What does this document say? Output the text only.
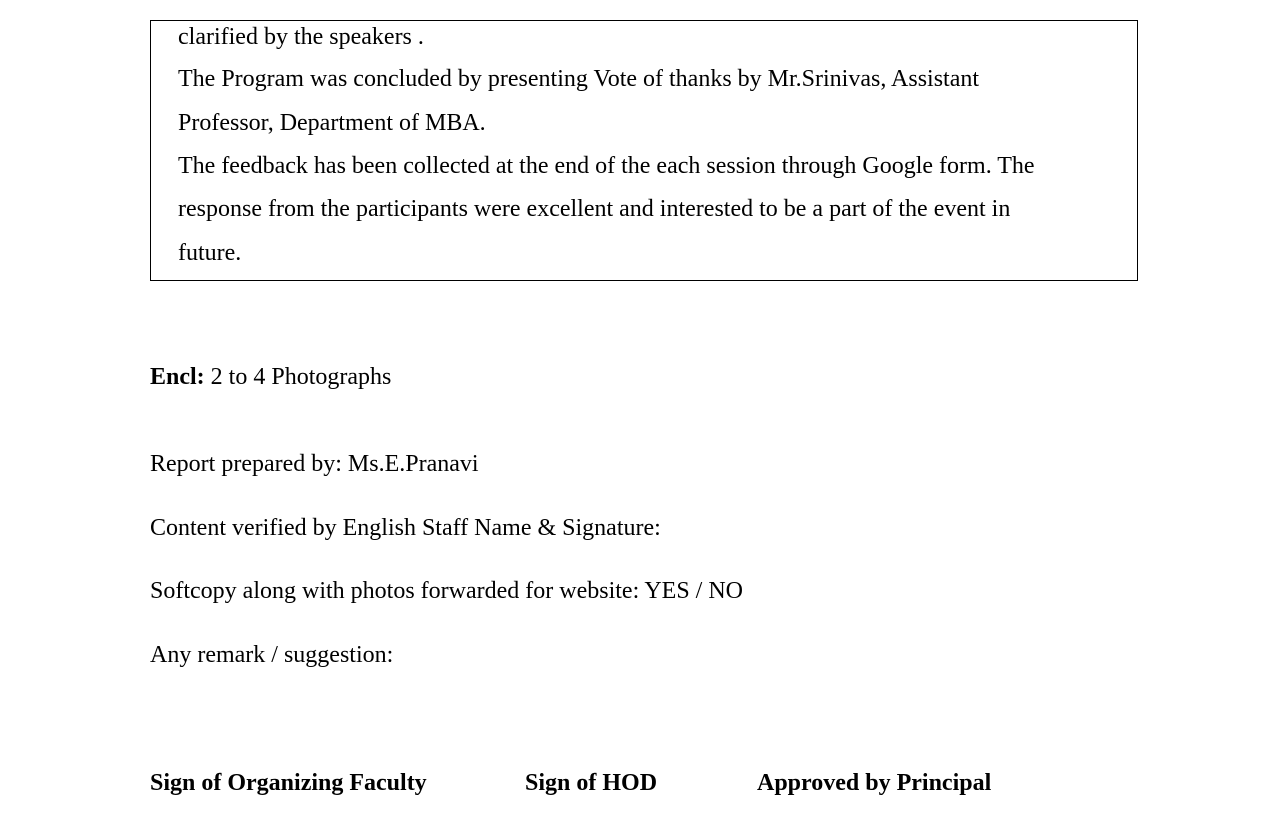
clarified by the speakers .
The Program was concluded by presenting Vote of thanks by Mr.Srinivas, Assistant
Professor, Department of MBA.
The feedback has been collected at the end of the each session through Google form. The
response from the participants were excellent and interested to be a part of the event in
future.
Encl: 2 to 4 Photographs
Report prepared by: Ms.E.Pranavi
Content verified by English Staff Name & Signature:
Softcopy along with photos forwarded for website: YES / NO
Any remark / suggestion:
Sign of Organizing Faculty	Sign of HOD	Approved by Principal
